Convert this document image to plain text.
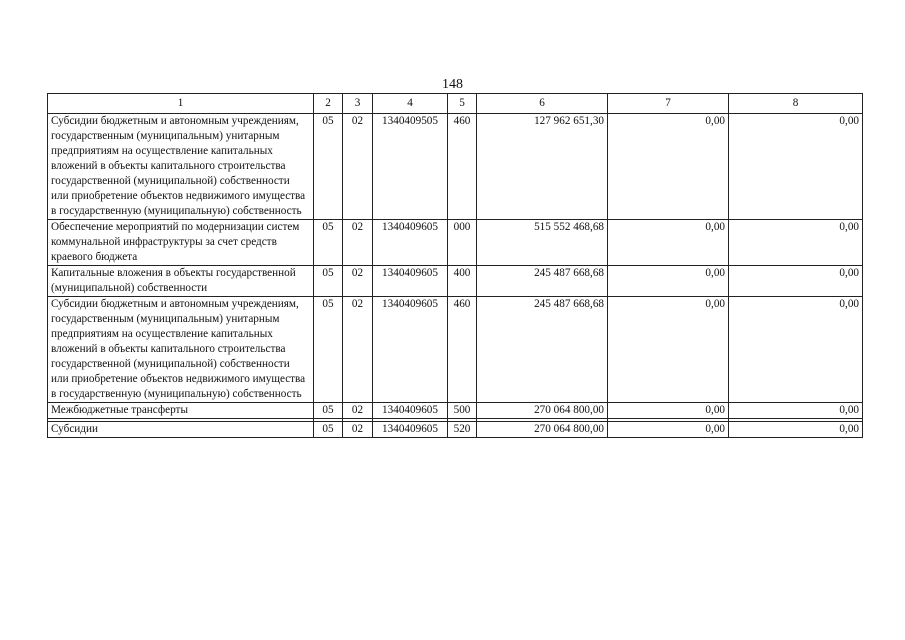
148
1	2	3	4	5	6	7	8
Субсидии бюджетным и автономным учреждениям, государственным (муниципальным) унитарным предприятиям на осуществление капитальных вложений в объекты капитального строительства государственной (муниципальной) собственности или приобретение объектов недвижимого имущества в государственную (муниципальную) собственность	05	02	1340409505	460	127 962 651,30	0,00	0,00
Обеспечение мероприятий по модернизации систем коммунальной инфраструктуры за счет средств краевого бюджета	05	02	1340409605	000	515 552 468,68	0,00	0,00
Капитальные вложения в объекты государственной (муниципальной) собственности	05	02	1340409605	400	245 487 668,68	0,00	0,00
Субсидии бюджетным и автономным учреждениям, государственным (муниципальным) унитарным предприятиям на осуществление капитальных вложений в объекты капитального строительства государственной (муниципальной) собственности или приобретение объектов недвижимого имущества в государственную (муниципальную) собственность	05	02	1340409605	460	245 487 668,68	0,00	0,00
Межбюджетные трансферты	05	02	1340409605	500	270 064 800,00	0,00	0,00

Субсидии	05	02	1340409605	520	270 064 800,00	0,00	0,00
